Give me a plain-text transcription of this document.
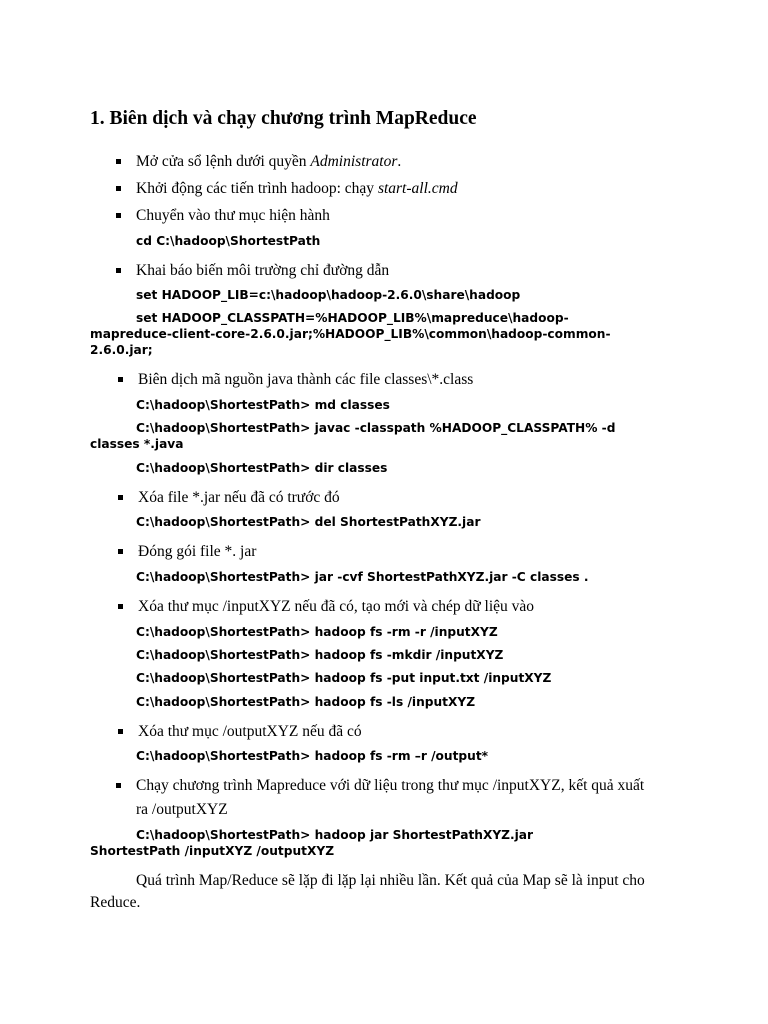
1. Biên dịch và chạy chương trình MapReduce
Mở cửa sổ lệnh dưới quyền Administrator.
Khởi động các tiến trình hadoop: chạy start-all.cmd
Chuyển vào thư mục hiện hành
cd C:\hadoop\ShortestPath
Khai báo biến môi trường chỉ đường dẫn
set HADOOP_LIB=c:\hadoop\hadoop-2.6.0\share\hadoop
set HADOOP_CLASSPATH=%HADOOP_LIB%\mapreduce\hadoop-
mapreduce-client-core-2.6.0.jar;%HADOOP_LIB%\common\hadoop-common-
2.6.0.jar;
Biên dịch mã nguồn java thành các file classes\*.class
C:\hadoop\ShortestPath> md classes
C:\hadoop\ShortestPath> javac -classpath %HADOOP_CLASSPATH% -d
classes *.java
C:\hadoop\ShortestPath> dir classes
Xóa file *.jar nếu đã có trước đó
C:\hadoop\ShortestPath> del ShortestPathXYZ.jar
Đóng gói file *. jar
C:\hadoop\ShortestPath> jar -cvf ShortestPathXYZ.jar -C classes .
Xóa thư mục /inputXYZ nếu đã có, tạo mới và chép dữ liệu vào
C:\hadoop\ShortestPath> hadoop fs -rm -r /inputXYZ
C:\hadoop\ShortestPath> hadoop fs -mkdir /inputXYZ
C:\hadoop\ShortestPath> hadoop fs -put input.txt /inputXYZ
C:\hadoop\ShortestPath> hadoop fs -ls /inputXYZ
Xóa thư mục /outputXYZ nếu đã có
C:\hadoop\ShortestPath> hadoop fs -rm –r /output*
Chạy chương trình Mapreduce với dữ liệu trong thư mục /inputXYZ, kết quả xuất
ra /outputXYZ
C:\hadoop\ShortestPath> hadoop jar ShortestPathXYZ.jar
ShortestPath /inputXYZ /outputXYZ
Quá trình Map/Reduce sẽ lặp đi lặp lại nhiều lần. Kết quả của Map sẽ là input cho
Reduce.
